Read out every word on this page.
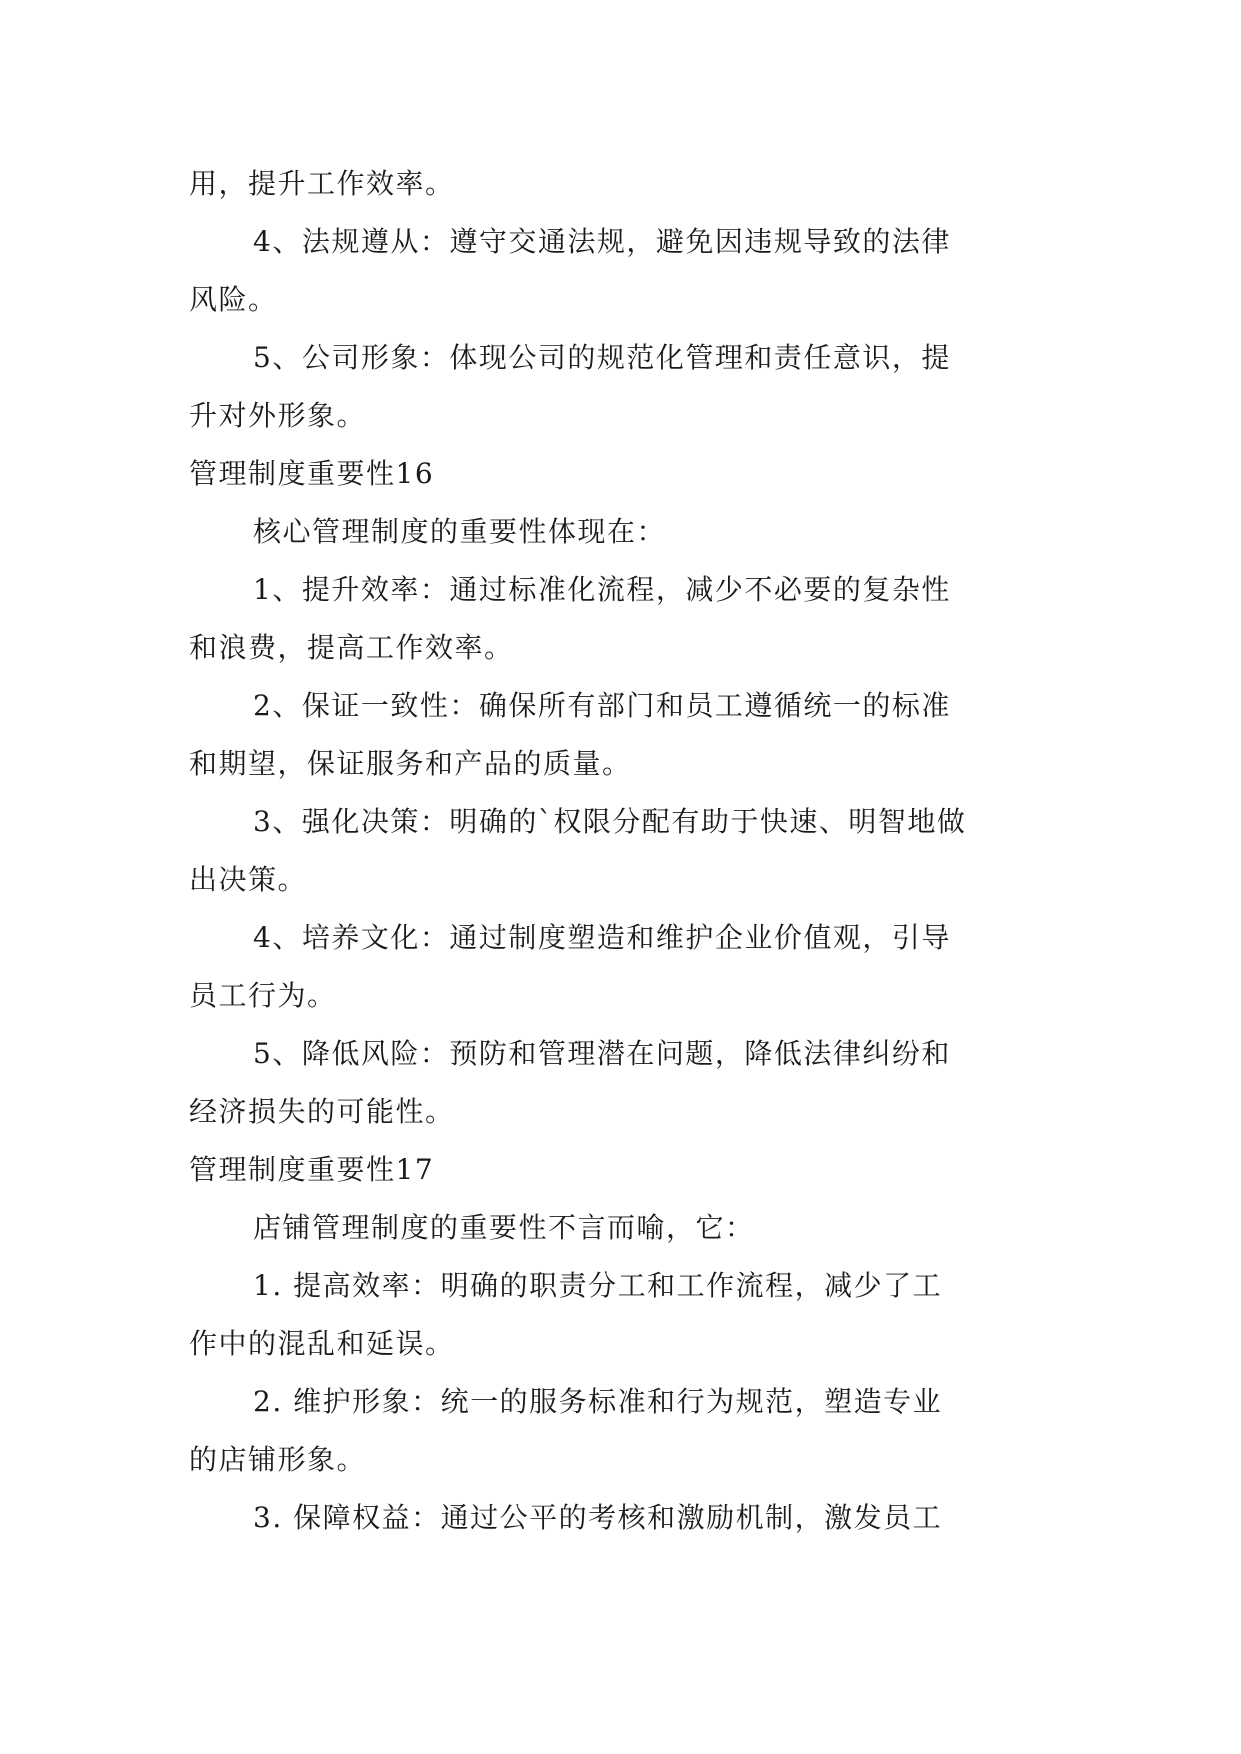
用，提升工作效率。
4、法规遵从：遵守交通法规，避免因违规导致的法律
风险。
5、公司形象：体现公司的规范化管理和责任意识，提
升对外形象。
管理制度重要性16
核心管理制度的重要性体现在：
1、提升效率：通过标准化流程，减少不必要的复杂性
和浪费，提高工作效率。
2、保证一致性：确保所有部门和员工遵循统一的标准
和期望，保证服务和产品的质量。
3、强化决策：明确的`权限分配有助于快速、明智地做
出决策。
4、培养文化：通过制度塑造和维护企业价值观，引导
员工行为。
5、降低风险：预防和管理潜在问题，降低法律纠纷和
经济损失的可能性。
管理制度重要性17
店铺管理制度的重要性不言而喻，它：
1. 提高效率：明确的职责分工和工作流程，减少了工
作中的混乱和延误。
2. 维护形象：统一的服务标准和行为规范，塑造专业
的店铺形象。
3. 保障权益：通过公平的考核和激励机制，激发员工
